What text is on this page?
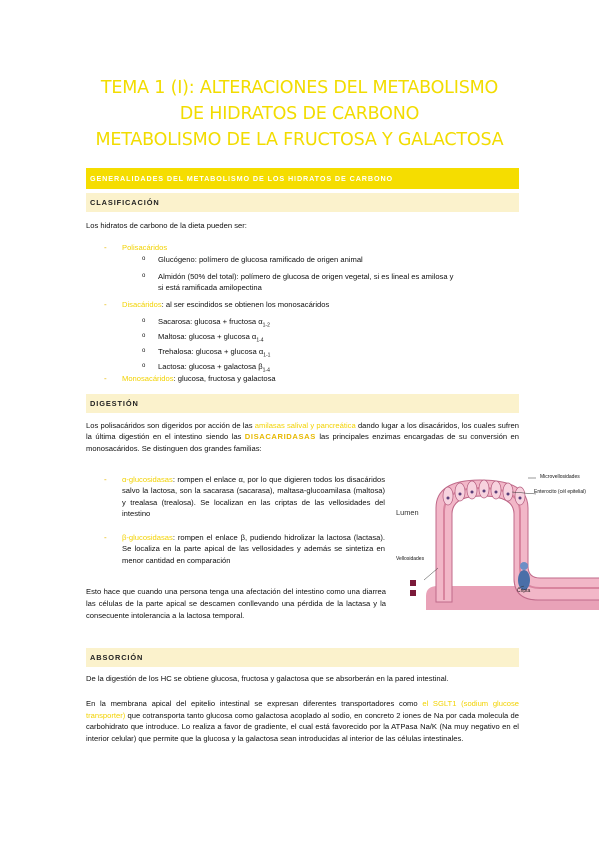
TEMA 1 (I): ALTERACIONES DEL METABOLISMO
DE HIDRATOS DE CARBONO
METABOLISMO DE LA FRUCTOSA Y GALACTOSA
GENERALIDADES DEL METABOLISMO DE LOS HIDRATOS DE CARBONO
CLASIFICACIÓN
Los hidratos de carbono de la dieta pueden ser:
- Polisacáridos
o Glucógeno: polímero de glucosa ramificado de origen animal
o Almidón (50% del total): polímero de glucosa de origen vegetal, si es lineal es amilosa y
si está ramificada amilopectina
- Disacáridos: al ser escindidos se obtienen los monosacáridos
o Sacarosa: glucosa + fructosa $\alpha_{1-2}$
o Maltosa: glucosa + glucosa $\alpha_{1-4}$
o Trehalosa: glucosa + glucosa $\alpha_{1-1}$
o Lactosa: glucosa + galactosa $\beta_{1-4}$
- Monosacáridos: glucosa, fructosa y galactosa
DIGESTIÓN
Los polisacáridos son digeridos por acción de las amilasas salival y pancreática dando lugar a los disacáridos, los cuales sufren la última digestión en el intestino siendo las DISACARIDASAS las principales enzimas encargadas de su conversión en monosacáridos. Se distinguen dos grandes familias:
- α-glucosidasas: rompen el enlace α, por lo que digieren todos los disacáridos salvo la lactosa, son la sacarasa (sacarasa), maltasa-glucoamilasa (maltosa) y trealasa (trealosa). Se localizan en las criptas de las vellosidades del intestino
- β-glucosidasas: rompen el enlace β, pudiendo hidrolizar la lactosa (lactasa). Se localiza en la parte apical de las vellosidades y además se sintetiza en menor cantidad en comparación
Esto hace que cuando una persona tenga una afectación del intestino como una diarrea las células de la parte apical se descamen conllevando una pérdida de la lactasa y la consecuente intolerancia a la lactosa temporal.
Microvellosidades
Lumen
Enterocito (cél epitelial)
Vellosidades
Cripta
ABSORCIÓN
De la digestión de los HC se obtiene glucosa, fructosa y galactosa que se absorberán en la pared intestinal.
En la membrana apical del epitelio intestinal se expresan diferentes transportadores como el SGLT1 (sodium glucose transporter) que cotransporta tanto glucosa como galactosa acoplado al sodio, en concreto 2 iones de Na por cada molecula de carbohidrato que introduce. Lo realiza a favor de gradiente, el cual está favorecido por la ATPasa Na/K (Na muy negativo en el interior celular) que permite que la glucosa y la galactosa sean introducidas al interior de las células intestinales.
